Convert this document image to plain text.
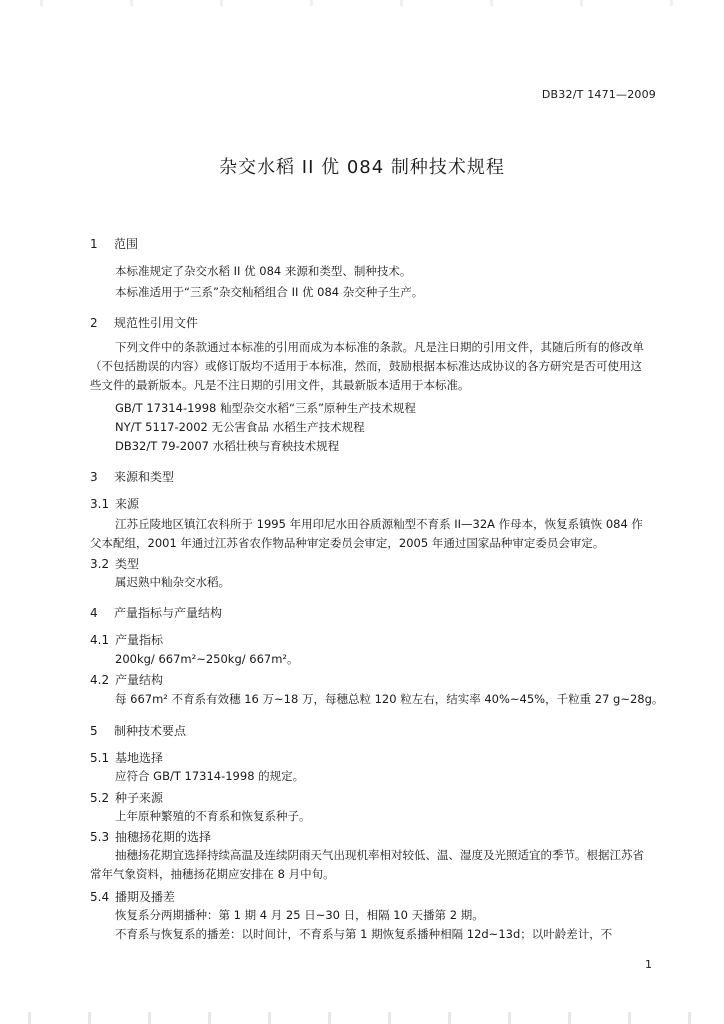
DB32/T 1471—2009
杂交水稻 II 优 084 制种技术规程
1 范围
本标准规定了杂交水稻 II 优 084 来源和类型、制种技术。
本标准适用于“三系”杂交籼稻组合 II 优 084 杂交种子生产。
2 规范性引用文件
下列文件中的条款通过本标准的引用而成为本标准的条款。凡是注日期的引用文件，其随后所有的修改单（不包括勘误的内容）或修订版均不适用于本标准，然而，鼓励根据本标准达成协议的各方研究是否可使用这些文件的最新版本。凡是不注日期的引用文件，其最新版本适用于本标准。
GB/T 17314-1998 籼型杂交水稻“三系”原种生产技术规程
NY/T 5117-2002 无公害食品 水稻生产技术规程
DB32/T 79-2007 水稻壮秧与育秧技术规程
3 来源和类型
3.1 来源
江苏丘陵地区镇江农科所于 1995 年用印尼水田谷质源籼型不育系 II—32A 作母本，恢复系镇恢 084 作父本配组，2001 年通过江苏省农作物品种审定委员会审定，2005 年通过国家品种审定委员会审定。
3.2 类型
属迟熟中籼杂交水稻。
4 产量指标与产量结构
4.1 产量指标
200kg/ 667m²~250kg/ 667m²。
4.2 产量结构
每 667m² 不育系有效穗 16 万~18 万，每穗总粒 120 粒左右，结实率 40%~45%，千粒重 27 g~28g。
5 制种技术要点
5.1 基地选择
应符合 GB/T 17314-1998 的规定。
5.2 种子来源
上年原种繁殖的不育系和恢复系种子。
5.3 抽穗扬花期的选择
抽穗扬花期宜选择持续高温及连续阴雨天气出现机率相对较低、温、湿度及光照适宜的季节。根据江苏省常年气象资料，抽穗扬花期应安排在 8 月中旬。
5.4 播期及播差
恢复系分两期播种：第 1 期 4 月 25 日~30 日，相隔 10 天播第 2 期。
不育系与恢复系的播差：以时间计，不育系与第 1 期恢复系播种相隔 12d~13d；以叶龄差计，不
1
